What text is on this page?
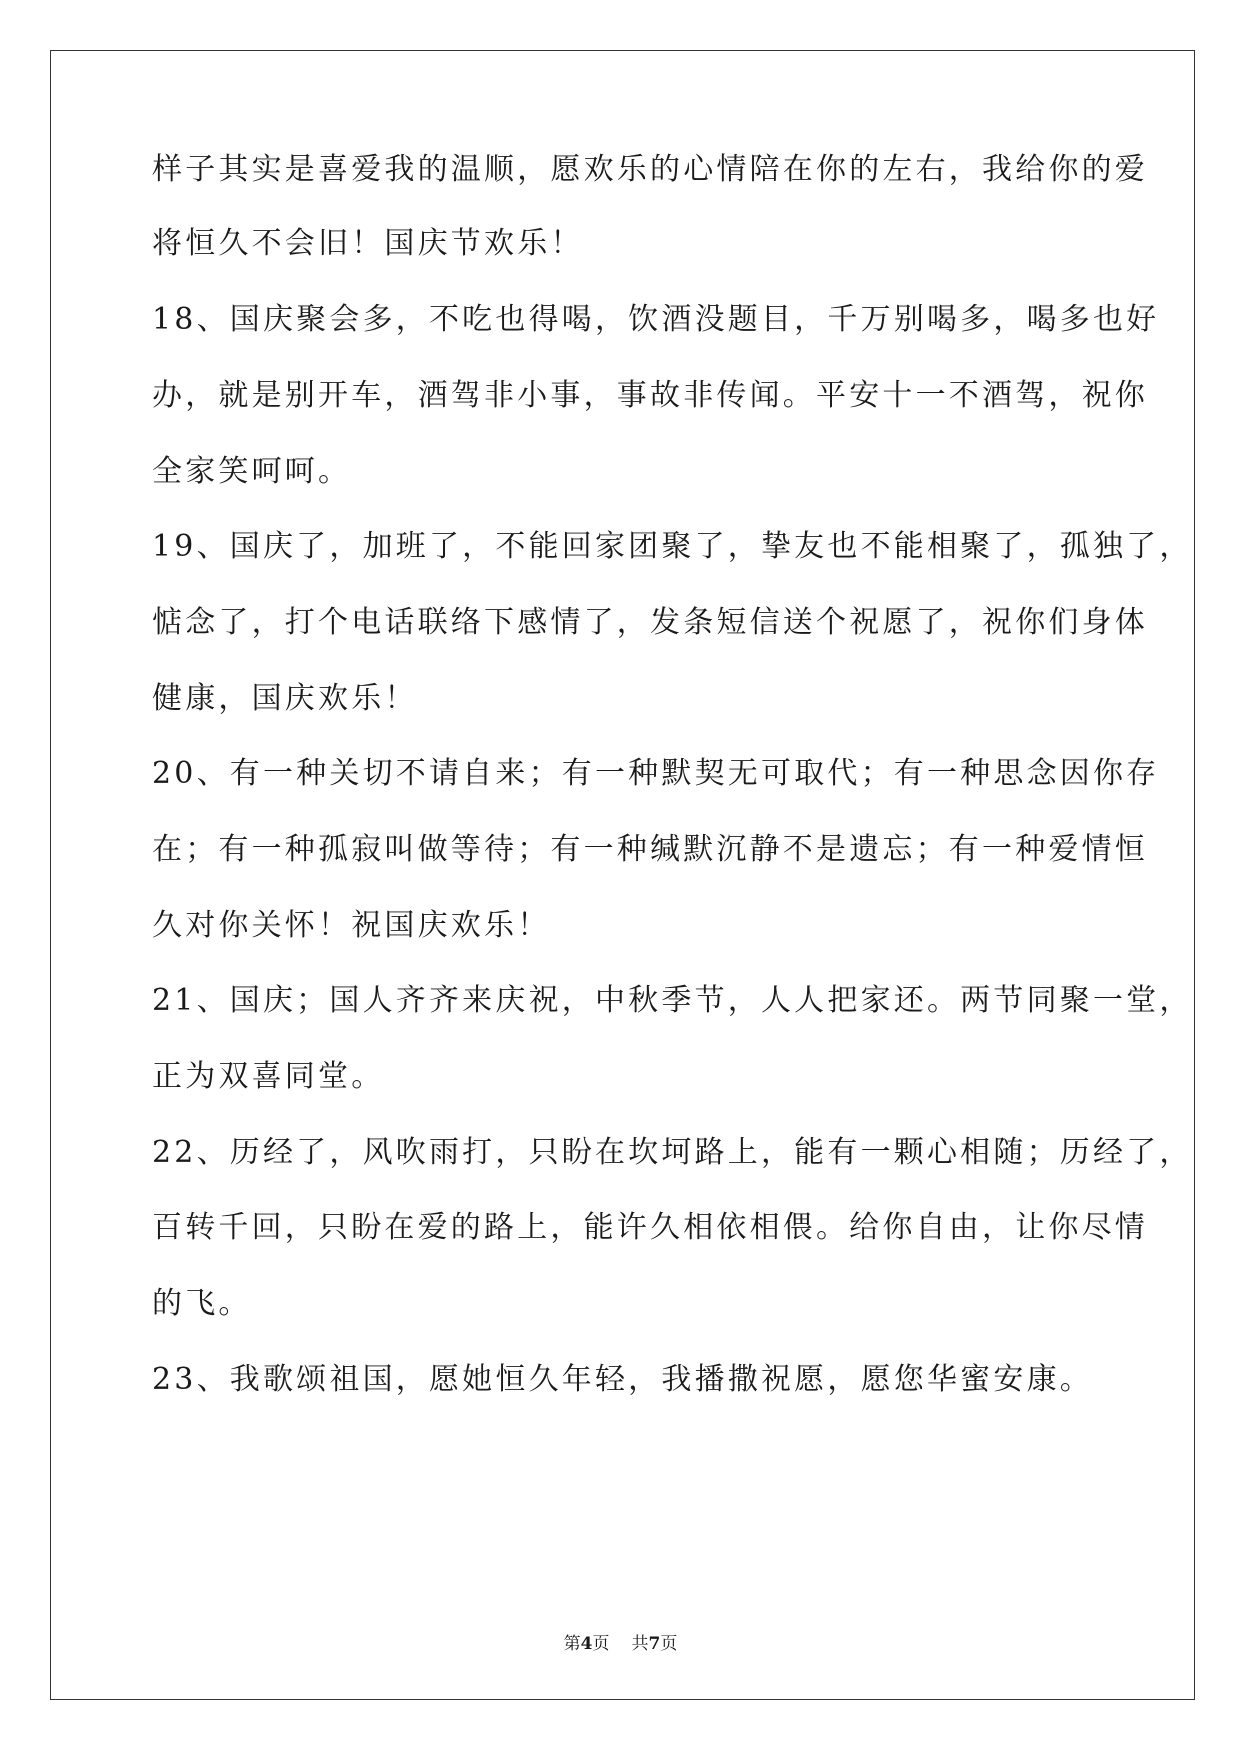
样子其实是喜爱我的温顺，愿欢乐的心情陪在你的左右，我给你的爱
将恒久不会旧！国庆节欢乐！
18、国庆聚会多，不吃也得喝，饮酒没题目，千万别喝多，喝多也好
办，就是别开车，酒驾非小事，事故非传闻。平安十一不酒驾，祝你
全家笑呵呵。
19、国庆了，加班了，不能回家团聚了，挚友也不能相聚了，孤独了，
惦念了，打个电话联络下感情了，发条短信送个祝愿了，祝你们身体
健康，国庆欢乐！
20、有一种关切不请自来；有一种默契无可取代；有一种思念因你存
在；有一种孤寂叫做等待；有一种缄默沉静不是遗忘；有一种爱情恒
久对你关怀！祝国庆欢乐！
21、国庆；国人齐齐来庆祝，中秋季节，人人把家还。两节同聚一堂，
正为双喜同堂。
22、历经了，风吹雨打，只盼在坎坷路上，能有一颗心相随；历经了，
百转千回，只盼在爱的路上，能许久相依相偎。给你自由，让你尽情
的飞。
23、我歌颂祖国，愿她恒久年轻，我播撒祝愿，愿您华蜜安康。
第4页 共7页
